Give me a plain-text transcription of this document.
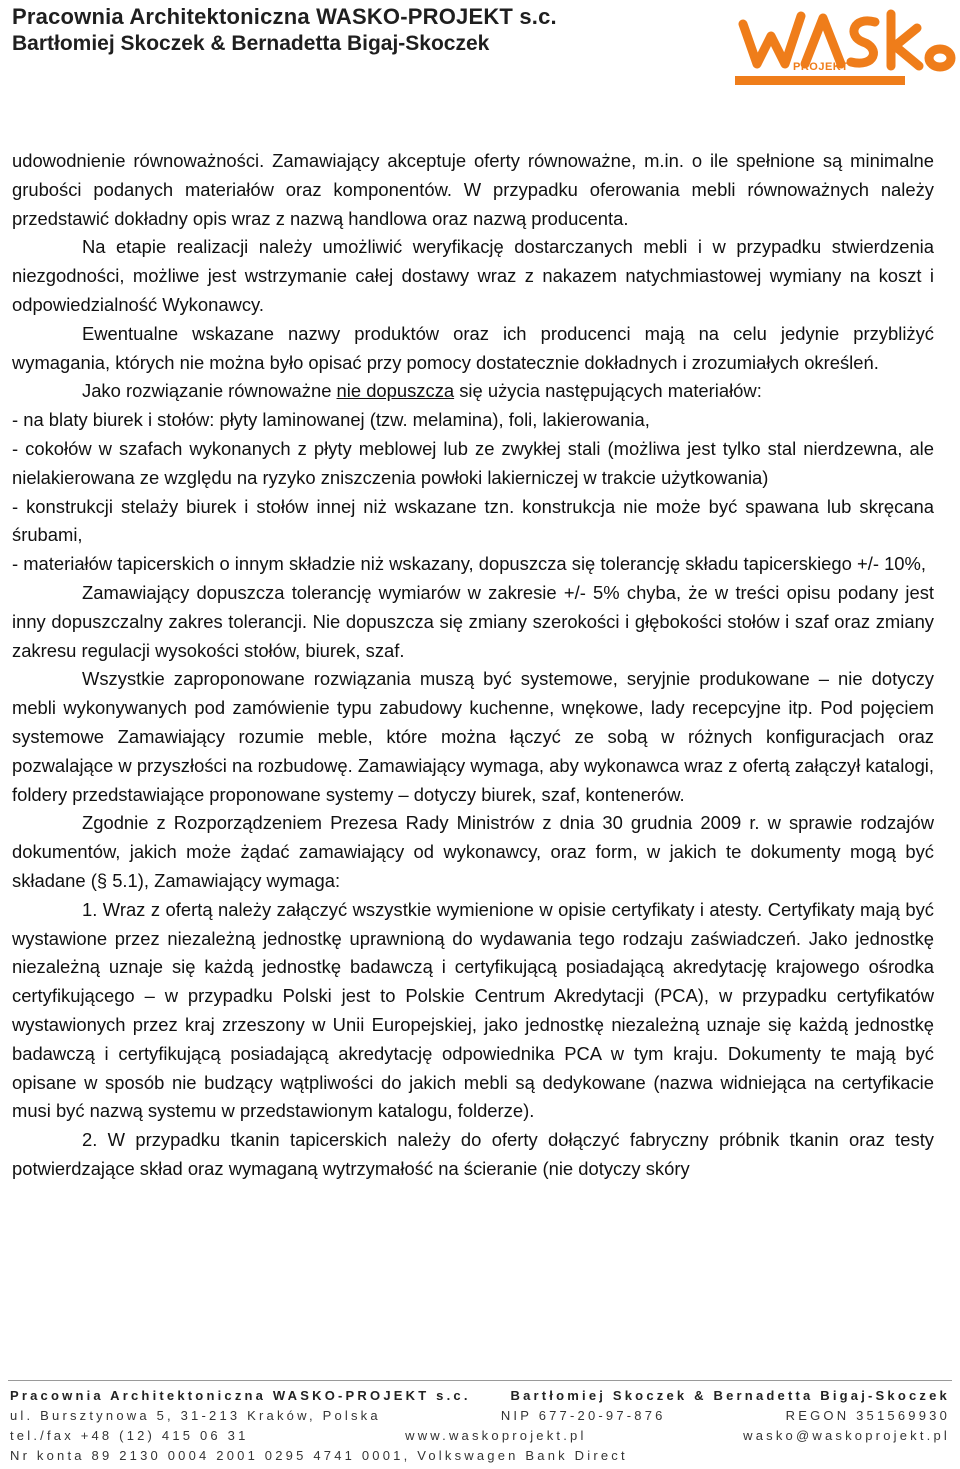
Pracownia Architektoniczna WASKO-PROJEKT s.c.
Bartłomiej Skoczek & Bernadetta Bigaj-Skoczek
PROJEKT

udowodnienie równoważności. Zamawiający akceptuje oferty równoważne, m.in. o ile spełnione są minimalne grubości podanych materiałów oraz komponentów. W przypadku oferowania mebli równoważnych należy przedstawić dokładny opis wraz z nazwą handlowa oraz nazwą producenta.

Na etapie realizacji należy umożliwić weryfikację dostarczanych mebli i w przypadku stwierdzenia niezgodności, możliwe jest wstrzymanie całej dostawy wraz z nakazem natychmiastowej wymiany na koszt i odpowiedzialność Wykonawcy.

Ewentualne wskazane nazwy produktów oraz ich producenci mają na celu jedynie przybliżyć wymagania, których nie można było opisać przy pomocy dostatecznie dokładnych i zrozumiałych określeń.

Jako rozwiązanie równoważne nie dopuszcza się użycia następujących materiałów:

- na blaty biurek i stołów: płyty laminowanej (tzw. melamina), foli, lakierowania,

- cokołów w szafach wykonanych z płyty meblowej lub ze zwykłej stali (możliwa jest tylko stal nierdzewna, ale nielakierowana ze względu na ryzyko zniszczenia powłoki lakierniczej w trakcie użytkowania)

- konstrukcji stelaży biurek i stołów innej niż wskazane tzn. konstrukcja nie może być spawana lub skręcana śrubami,

- materiałów tapicerskich o innym składzie niż wskazany, dopuszcza się tolerancję składu tapicerskiego +/- 10%,

Zamawiający dopuszcza tolerancję wymiarów w zakresie +/- 5% chyba, że w treści opisu podany jest inny dopuszczalny zakres tolerancji. Nie dopuszcza się zmiany szerokości i głębokości stołów i szaf oraz zmiany zakresu regulacji wysokości stołów, biurek, szaf.

Wszystkie zaproponowane rozwiązania muszą być systemowe, seryjnie produkowane – nie dotyczy mebli wykonywanych pod zamówienie typu zabudowy kuchenne, wnękowe, lady recepcyjne itp. Pod pojęciem systemowe Zamawiający rozumie meble, które można łączyć ze sobą w różnych konfiguracjach oraz pozwalające w przyszłości na rozbudowę. Zamawiający wymaga, aby wykonawca wraz z ofertą załączył katalogi, foldery przedstawiające proponowane systemy – dotyczy biurek, szaf, kontenerów.

Zgodnie z Rozporządzeniem Prezesa Rady Ministrów z dnia 30 grudnia 2009 r. w sprawie rodzajów dokumentów, jakich może żądać zamawiający od wykonawcy, oraz form, w jakich te dokumenty mogą być składane (§ 5.1), Zamawiający wymaga:

1. Wraz z ofertą należy załączyć wszystkie wymienione w opisie certyfikaty i atesty. Certyfikaty mają być wystawione przez niezależną jednostkę uprawnioną do wydawania tego rodzaju zaświadczeń. Jako jednostkę niezależną uznaje się każdą jednostkę badawczą i certyfikującą posiadającą akredytację krajowego ośrodka certyfikującego – w przypadku Polski jest to Polskie Centrum Akredytacji (PCA), w przypadku certyfikatów wystawionych przez kraj zrzeszony w Unii Europejskiej, jako jednostkę niezależną uznaje się każdą jednostkę badawczą i certyfikującą posiadającą akredytację odpowiednika PCA w tym kraju. Dokumenty te mają być opisane w sposób nie budzący wątpliwości do jakich mebli są dedykowane (nazwa widniejąca na certyfikacie musi być nazwą systemu w przedstawionym katalogu, folderze).

2. W przypadku tkanin tapicerskich należy do oferty dołączyć fabryczny próbnik tkanin oraz testy potwierdzające skład oraz wymaganą wytrzymałość na ścieranie (nie dotyczy skóry

Pracownia Architektoniczna WASKO-PROJEKT s.c.	Bartłomiej Skoczek & Bernadetta Bigaj-Skoczek
ul. Bursztynowa 5, 31-213 Kraków, Polska	NIP 677-20-97-876	REGON 351569930
tel./fax +48 (12) 415 06 31	www.waskoprojekt.pl	wasko@waskoprojekt.pl
Nr konta 89 2130 0004 2001 0295 4741 0001, Volkswagen Bank Direct
